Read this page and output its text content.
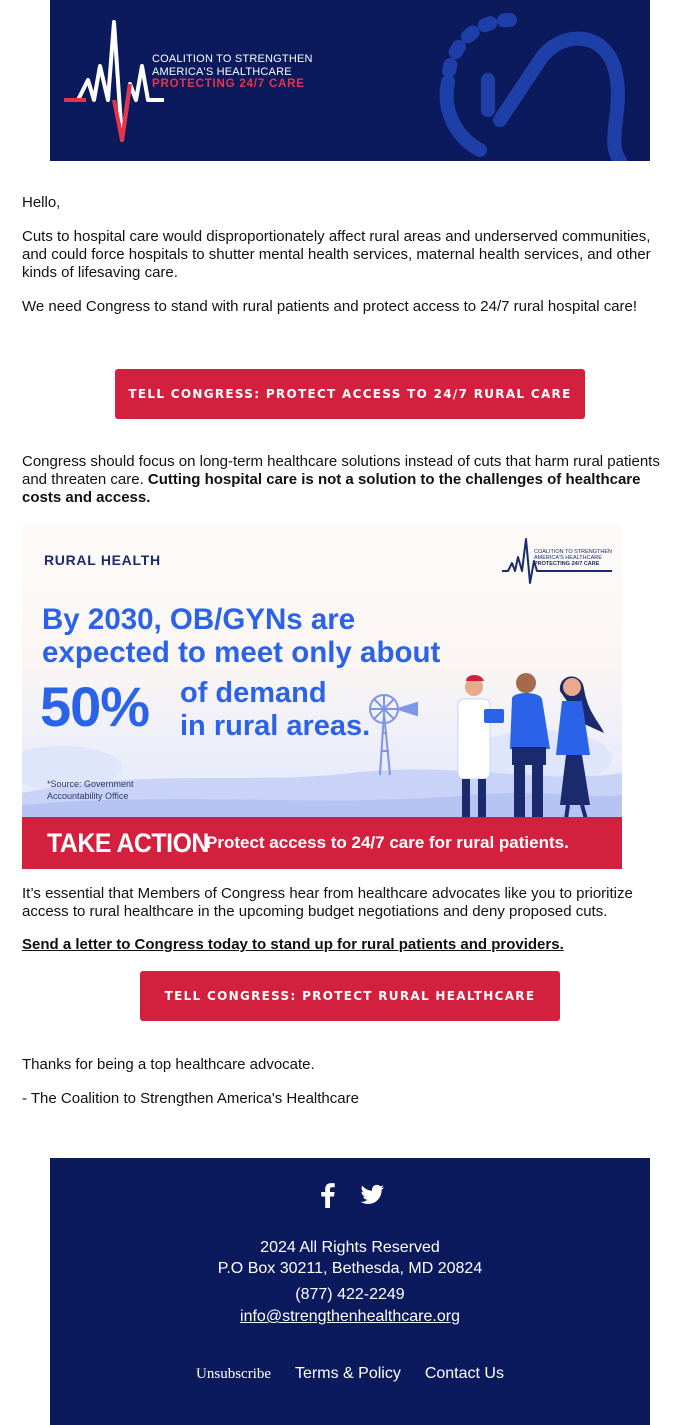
COALITION TO STRENGTHEN
AMERICA'S HEALTHCARE
PROTECTING 24/7 CARE

Hello,

Cuts to hospital care would disproportionately affect rural areas and underserved communities, and could force hospitals to shutter mental health services, maternal health services, and other kinds of lifesaving care.

We need Congress to stand with rural patients and protect access to 24/7 rural hospital care!

TELL CONGRESS: PROTECT ACCESS TO 24/7 RURAL CARE

Congress should focus on long-term healthcare solutions instead of cuts that harm rural patients and threaten care. Cutting hospital care is not a solution to the challenges of healthcare costs and access.

RURAL HEALTH	COALITION TO STRENGTHEN
AMERICA'S HEALTHCARE
PROTECTING 24/7 CARE
By 2030, OB/GYNs are expected to meet only about
50% of demand
in rural areas.
*Source: Government
Accountability Office
TAKE ACTION
Protect access to 24/7 care for rural patients.

It’s essential that Members of Congress hear from healthcare advocates like you to prioritize access to rural healthcare in the upcoming budget negotiations and deny proposed cuts.

Send a letter to Congress today to stand up for rural patients and providers.

TELL CONGRESS: PROTECT RURAL HEALTHCARE

Thanks for being a top healthcare advocate.

- The Coalition to Strengthen America's Healthcare

2024 All Rights Reserved
P.O Box 30211, Bethesda, MD 20824
(877) 422-2249
info@strengthenhealthcare.org
Unsubscribe Terms & Policy Contact Us
